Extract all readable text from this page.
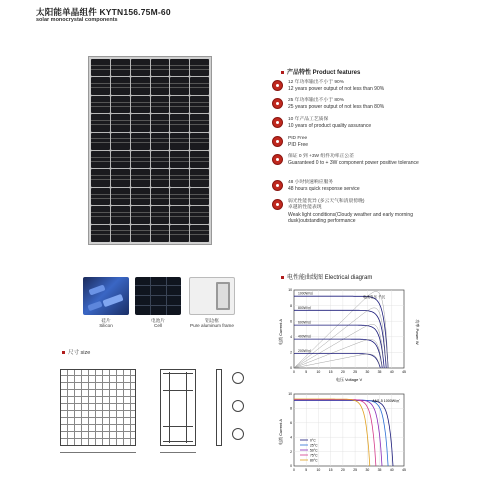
太阳能单晶组件 KYTN156.75M-60
solar monocrystal components
产品特性 Product features
12 年功率输出不小于 90%
12 years power output of not less than 90%
25 年功率输出不小于 80%
25 years power output of not less than 80%
10 年产品工艺质保
10 years of product quality assurance
PID Free
PID Free
保证 0 到 +3W 组件功率正公差
Guaranteed 0 to + 3W component power positive tolerance
48 小时快速响应服务
48 hours quick response service
弱光性能优异 (多云天气和清晨傍晚)
卓越的性能表现
Weak light conditions(Cloudy weather and early morning dusk)outstanding performance
硅片
Silicon
电池片
Cell
铝边框
Pure aluminum frame
尺寸 size
电性能曲线图 Electrical diagram
1000W/㎡
800W/㎡
600W/㎡
400W/㎡
200W/㎡
电流 Current A
电压 Voltage V
电流电压 千瓦
0	5	10 15 20 25 30 35 40 45
0
2
4
6
8
10
功率 Power W
电流 Current A
AM1.5 1000W/㎡
0°C
25°C
50°C
75°C
80°C
0	5	10 15 20 25 30 35 40 45
0
2
4
6
8
10
